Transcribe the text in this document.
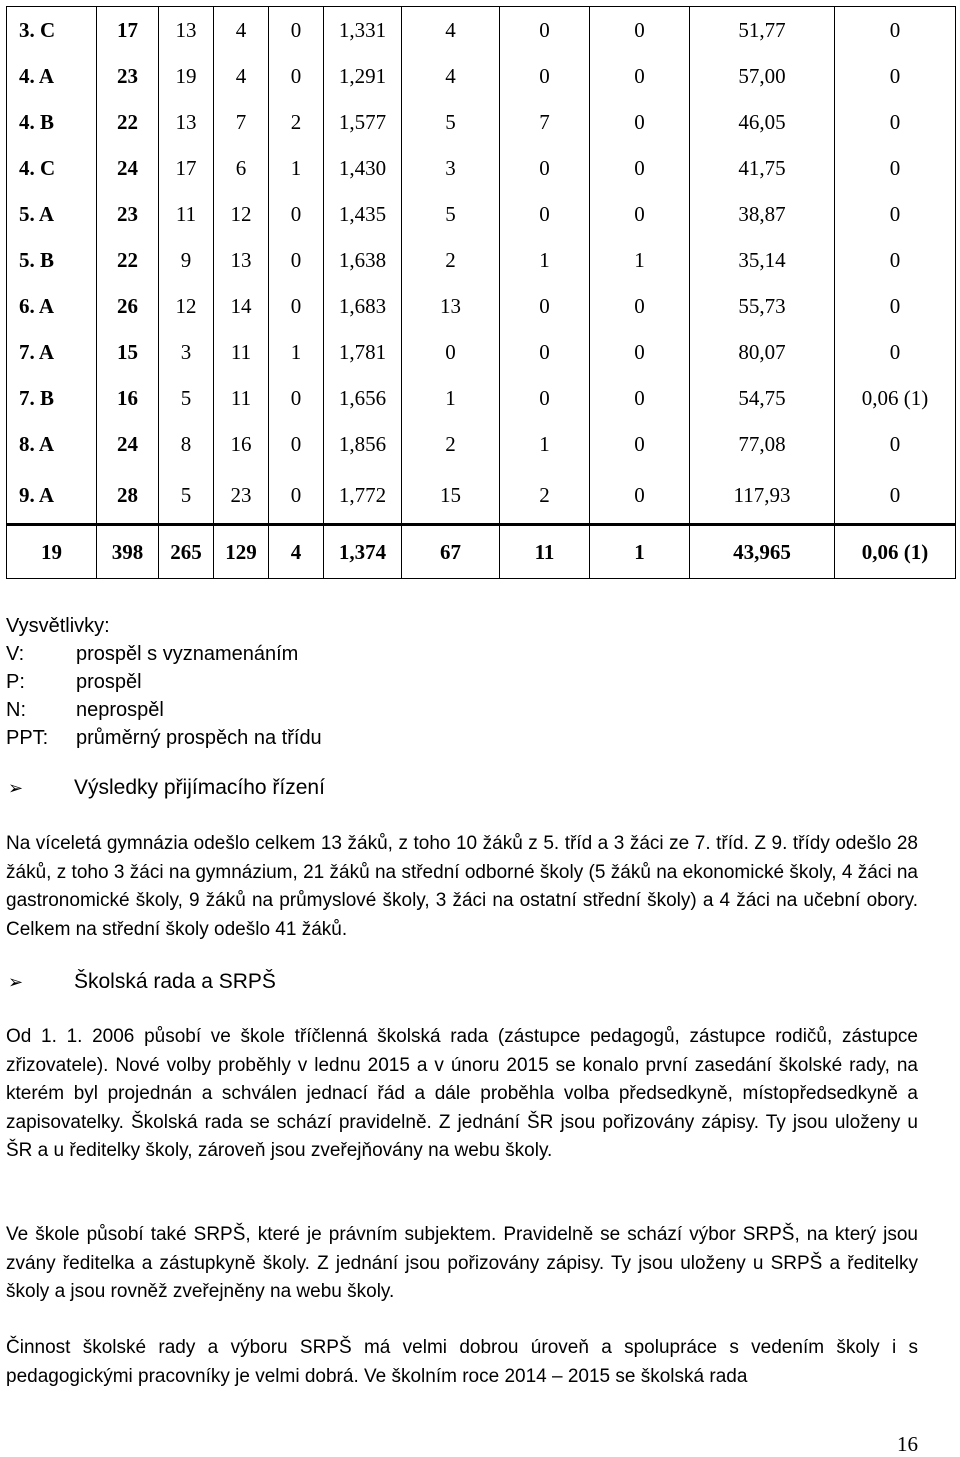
3. C	17	13	4	0	1,331	4	0	0	51,77	0
4. A	23	19	4	0	1,291	4	0	0	57,00	0
4. B	22	13	7	2	1,577	5	7	0	46,05	0
4. C	24	17	6	1	1,430	3	0	0	41,75	0
5. A	23	11	12	0	1,435	5	0	0	38,87	0
5. B	22	9	13	0	1,638	2	1	1	35,14	0
6. A	26	12	14	0	1,683	13	0	0	55,73	0
7. A	15	3	11	1	1,781	0	0	0	80,07	0
7. B	16	5	11	0	1,656	1	0	0	54,75	0,06 (1)
8. A	24	8	16	0	1,856	2	1	0	77,08	0
9. A	28	5	23	0	1,772	15	2	0	117,93	0
19	398	265	129	4	1,374	67	11	1	43,965	0,06 (1)
Vysvětlivky:
V:	prospěl s vyznamenáním
P:	prospěl
N:	neprospěl
PPT:	průměrný prospěch na třídu
➢	Výsledky přijímacího řízení
Na víceletá gymnázia odešlo celkem 13 žáků, z toho 10 žáků z 5. tříd a 3 žáci ze 7. tříd. Z 9. třídy odešlo 28 žáků, z toho 3 žáci na gymnázium, 21 žáků na střední odborné školy (5 žáků na ekonomické školy, 4 žáci na gastronomické školy, 9 žáků na průmyslové školy, 3 žáci na ostatní střední školy) a 4 žáci na učební obory. Celkem na střední školy odešlo 41 žáků.
➢	Školská rada a SRPŠ
Od 1. 1. 2006 působí ve škole tříčlenná školská rada (zástupce pedagogů, zástupce rodičů, zástupce zřizovatele). Nové volby proběhly v lednu 2015 a v únoru 2015 se konalo první zasedání školské rady, na kterém byl projednán a schválen jednací řád a dále proběhla volba předsedkyně, místopředsedkyně a zapisovatelky. Školská rada se schází pravidelně. Z jednání ŠR jsou pořizovány zápisy. Ty jsou uloženy u ŠR a u ředitelky školy, zároveň jsou zveřejňovány na webu školy.
Ve škole působí také SRPŠ, které je právním subjektem. Pravidelně se schází výbor SRPŠ, na který jsou zvány ředitelka a zástupkyně školy. Z jednání jsou pořizovány zápisy. Ty jsou uloženy u SRPŠ a ředitelky školy a jsou rovněž zveřejněny na webu školy.
Činnost školské rady a výboru SRPŠ má velmi dobrou úroveň a spolupráce s vedením školy i s pedagogickými pracovníky je velmi dobrá. Ve školním roce 2014 – 2015 se školská rada
16
